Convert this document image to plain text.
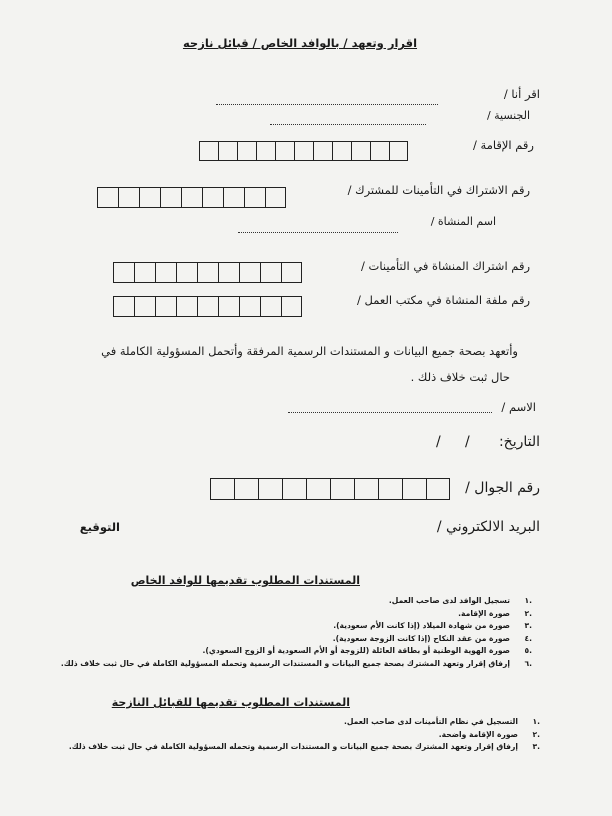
اقرار وتعهد / بالوافد الخاص / قبائل نازحه
اقر أنا /
الجنسية /
رقم الإقامة /
رقم الاشتراك في التأمينات للمشترك /
اسم المنشاة /
رقم اشتراك المنشاة في التأمينات /
رقم ملفة المنشاة في مكتب العمل /
وأتعهد بصحة جميع البيانات و المستندات الرسمية المرفقة وأتحمل المسؤولية الكاملة في
حال ثبت خلاف ذلك .
الاسم /
التاريخ:
/
/
رقم الجوال /
البريد الالكتروني /
التوقيع
المستندات المطلوب تقديمها للوافد الخاص
.١
تسجيل الوافد لدى صاحب العمل.
.٢
صورة الإقامة.
.٣
صورة من شهادة الميلاد (إذا كانت الأم سعودية).
.٤
صورة من عقد النكاح (إذا كانت الزوجة سعودية).
.٥
صورة الهوية الوطنية أو بطاقة العائلة (للزوجة أو الأم السعودية أو الزوج السعودي).
.٦
إرفاق إقرار وتعهد المشترك بصحة جميع البيانات و المستندات الرسمية وتحمله المسؤولية الكاملة في حال ثبت خلاف ذلك.
المستندات المطلوب تقديمها للقبائل النازحة
.١
التسجيل في نظام التأمينات لدى صاحب العمل.
.٢
صورة الإقامة واضحة.
.٣
إرفاق إقرار وتعهد المشترك بصحة جميع البيانات و المستندات الرسمية وتحمله المسؤولية الكاملة في حال ثبت خلاف ذلك.
